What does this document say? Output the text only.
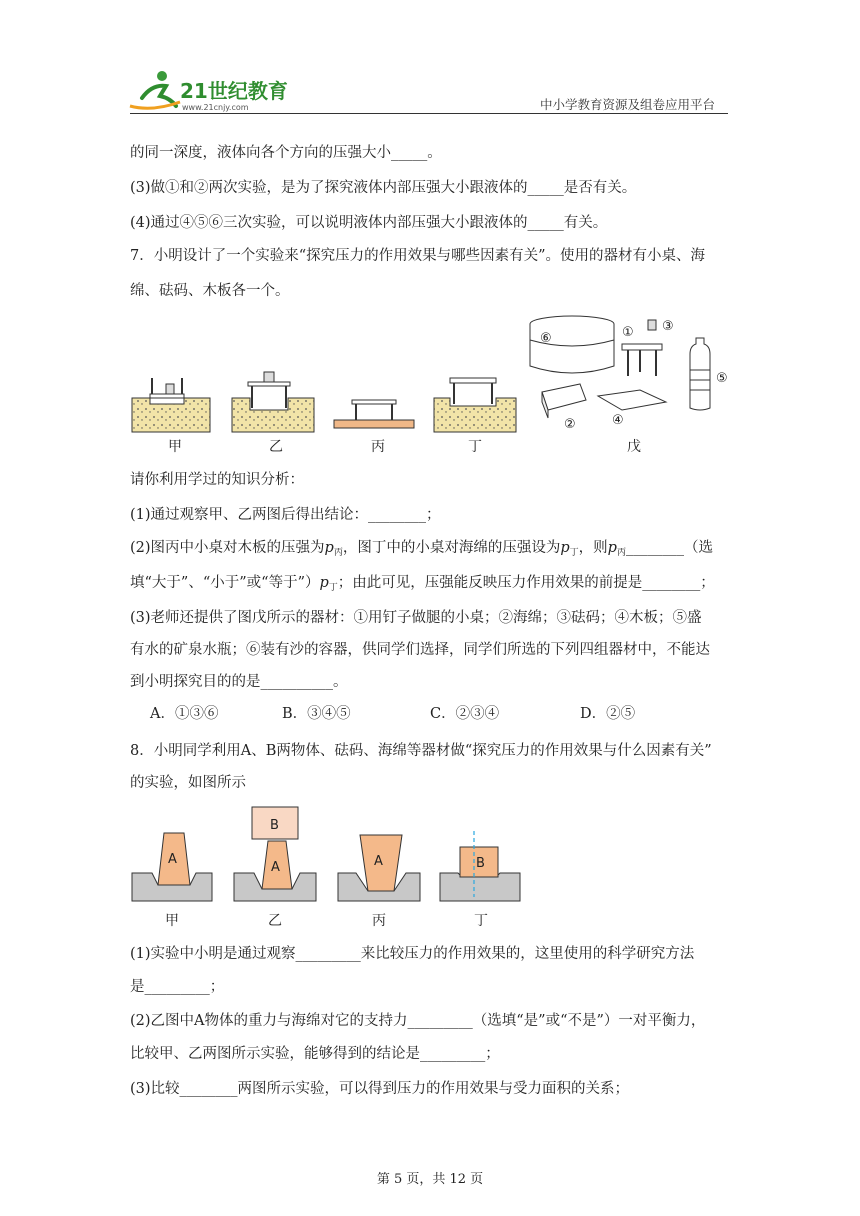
21世纪教育
www.21cnjy.com	中小学教育资源及组卷应用平台
的同一深度，液体向各个方向的压强大小_____。
(3)做①和②两次实验，是为了探究液体内部压强大小跟液体的_____是否有关。
(4)通过④⑤⑥三次实验，可以说明液体内部压强大小跟液体的_____有关。
7．小明设计了一个实验来“探究压力的作用效果与哪些因素有关”。使用的器材有小桌、海
绵、砝码、木板各一个。
⑥	① ③
⑤
②	④
甲	乙	丙	丁	戊
请你利用学过的知识分析：
(1)通过观察甲、乙两图后得出结论：________；
(2)图丙中小桌对木板的压强为$p_丙$，图丁中的小桌对海绵的压强设为$p_丁$，则$p_丙\_\_\_\_\_\_\_\_$（选
填“大于”、“小于”或“等于$”)p_丁$；由此可见，压强能反映压力作用效果的前提是________；
(3)老师还提供了图戊所示的器材：①用钉子做腿的小桌；②海绵；③砝码；④木板；⑤盛
有水的矿泉水瓶；⑥装有沙的容器，供同学们选择，同学们所选的下列四组器材中，不能达
到小明探究目的的是__________。
A．①③⑥	B．③④⑤	C．②③④	D．②⑤
8．小明同学利用A、B两物体、砝码、海绵等器材做“探究压力的作用效果与什么因素有关”
的实验，如图所示
A
B
A	A	B
甲	乙	丙	丁
(1)实验中小明是通过观察_________来比较压力的作用效果的，这里使用的科学研究方法
是_________；
(2)乙图中A物体的重力与海绵对它的支持力_________（选填“是”或“不是”）一对平衡力，
比较甲、乙两图所示实验，能够得到的结论是_________；
(3)比较________两图所示实验，可以得到压力的作用效果与受力面积的关系；
第 5 页，共 12 页
